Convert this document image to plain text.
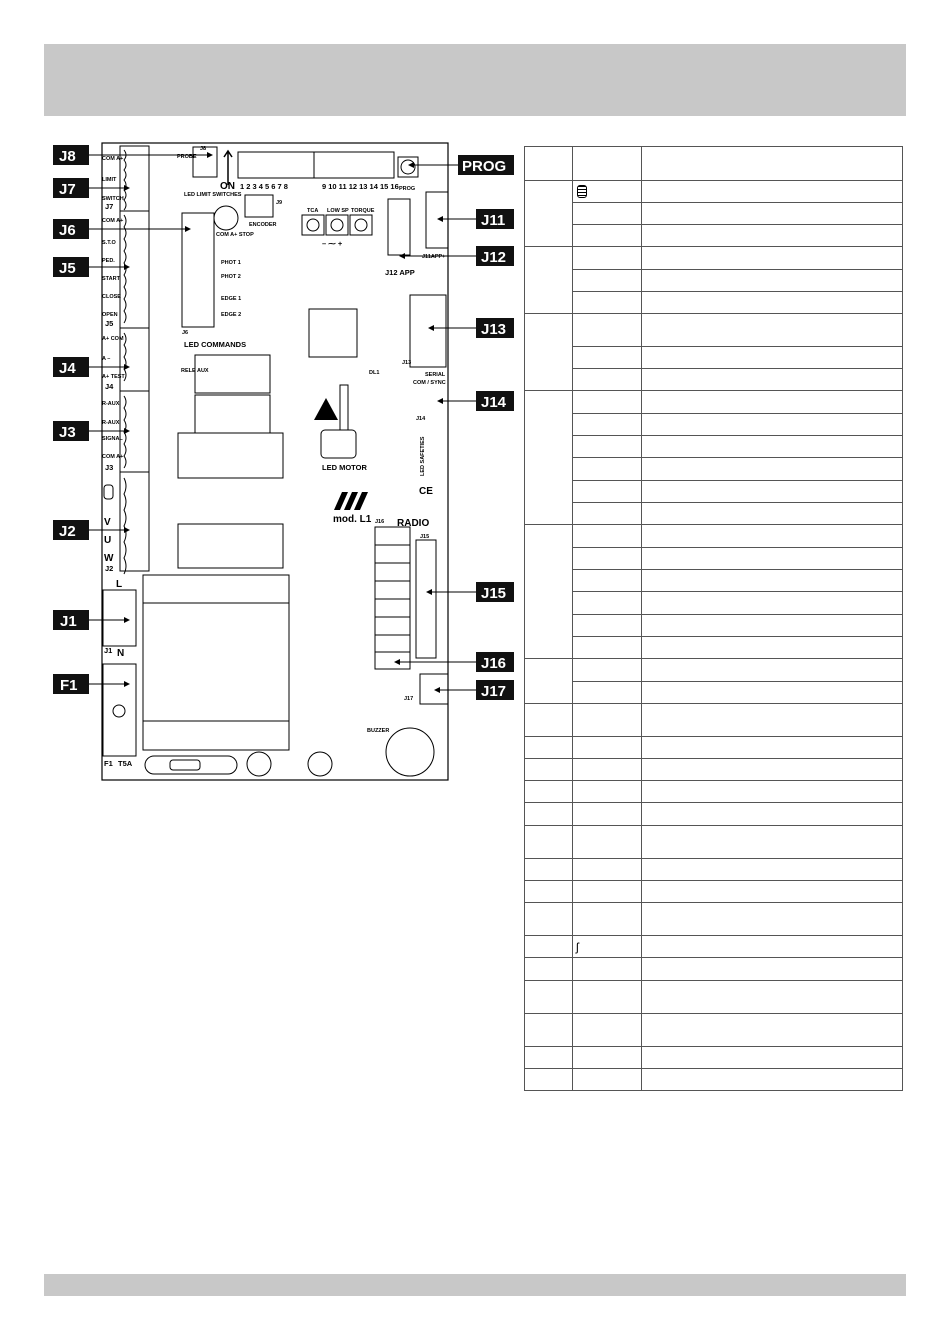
COM A+
LIMIT
SWITCH
J7
COM A+
S.T.O
PED.
START
CLOSE
OPEN
J5
A+ COM
A –
A+ TEST
J4
R-AUX
R-AUX
SIGNAL
COM A+
J3
V
U
W
J2
L
J1 N
F1 T5A
J8
PROBE
ON 1 2 3 4 5 6 7 8	9 10 11 12 13 14 15 16 PROG
LED LIMIT SWITCHES
J9
ENCODER
COM A+ STOP
TCA LOW SP TORQUE
– ⁓ +
PHOT 1
PHOT 2
EDGE 1
EDGE 2
J6
LED COMMANDS
RELE AUX	DL1
LED MOTOR
mod. L1	RADIO
BUZZER
J12 APP
J11APP+
J13
SERIAL
COM / SYNC
J14
LED SAFETIES
CE
J16
J15
J17
J8
J7
J6
J5
J4
J3
J2
J1
F1
PROG
J11
J12
J13
J14
J15
J16
J17

	ʃ	
